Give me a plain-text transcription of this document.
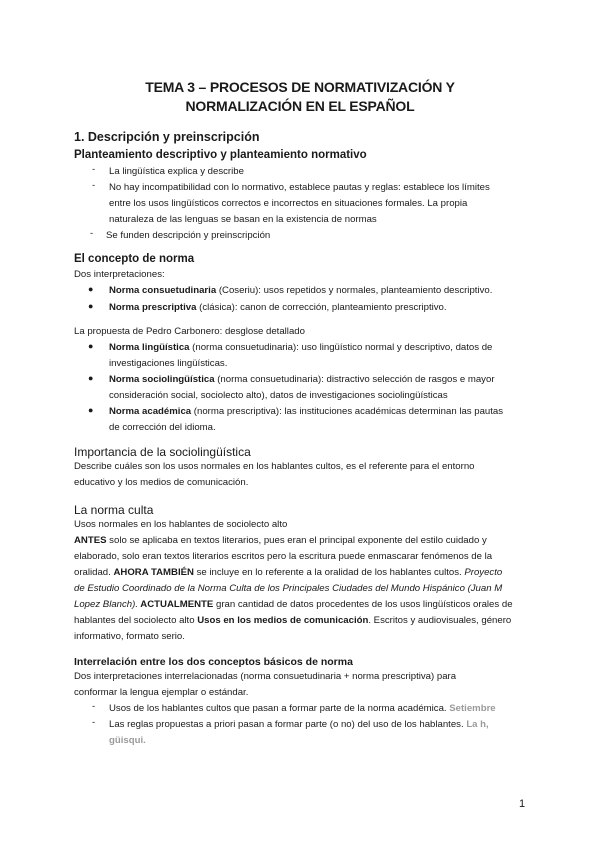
TEMA 3 – PROCESOS DE NORMATIVIZACIÓN Y
NORMALIZACIÓN EN EL ESPAÑOL
1. Descripción y preinscripción
Planteamiento descriptivo y planteamiento normativo
- La lingüística explica y describe
- No hay incompatibilidad con lo normativo, establece pautas y reglas: establece los límites
entre los usos lingüísticos correctos e incorrectos en situaciones formales. La propia
naturaleza de las lenguas se basan en la existencia de normas
- Se funden descripción y preinscripción
El concepto de norma
Dos interpretaciones:
● Norma consuetudinaria (Coseriu): usos repetidos y normales, planteamiento descriptivo.
● Norma prescriptiva (clásica): canon de corrección, planteamiento prescriptivo.
La propuesta de Pedro Carbonero: desglose detallado
● Norma lingüística (norma consuetudinaria): uso lingüístico normal y descriptivo, datos de
investigaciones lingüísticas.
● Norma sociolingüística (norma consuetudinaria): distractivo selección de rasgos e mayor
consideración social, sociolecto alto), datos de investigaciones sociolingüísticas
● Norma académica (norma prescriptiva): las instituciones académicas determinan las pautas
de corrección del idioma.
Importancia de la sociolingüística
Describe cuáles son los usos normales en los hablantes cultos, es el referente para el entorno
educativo y los medios de comunicación.
La norma culta
Usos normales en los hablantes de sociolecto alto
ANTES solo se aplicaba en textos literarios, pues eran el principal exponente del estilo cuidado y
elaborado, solo eran textos literarios escritos pero la escritura puede enmascarar fenómenos de la
oralidad. AHORA TAMBIÉN se incluye en lo referente a la oralidad de los hablantes cultos. Proyecto
de Estudio Coordinado de la Norma Culta de los Principales Ciudades del Mundo Hispánico (Juan M
Lopez Blanch). ACTUALMENTE gran cantidad de datos procedentes de los usos lingüísticos orales de
hablantes del sociolecto alto Usos en los medios de comunicación. Escritos y audiovisuales, género
informativo, formato serio.
Interrelación entre los dos conceptos básicos de norma
Dos interpretaciones interrelacionadas (norma consuetudinaria + norma prescriptiva) para
conformar la lengua ejemplar o estándar.
- Usos de los hablantes cultos que pasan a formar parte de la norma académica. Setiembre
- Las reglas propuestas a priori pasan a formar parte (o no) del uso de los hablantes. La h,
güisqui.
1
